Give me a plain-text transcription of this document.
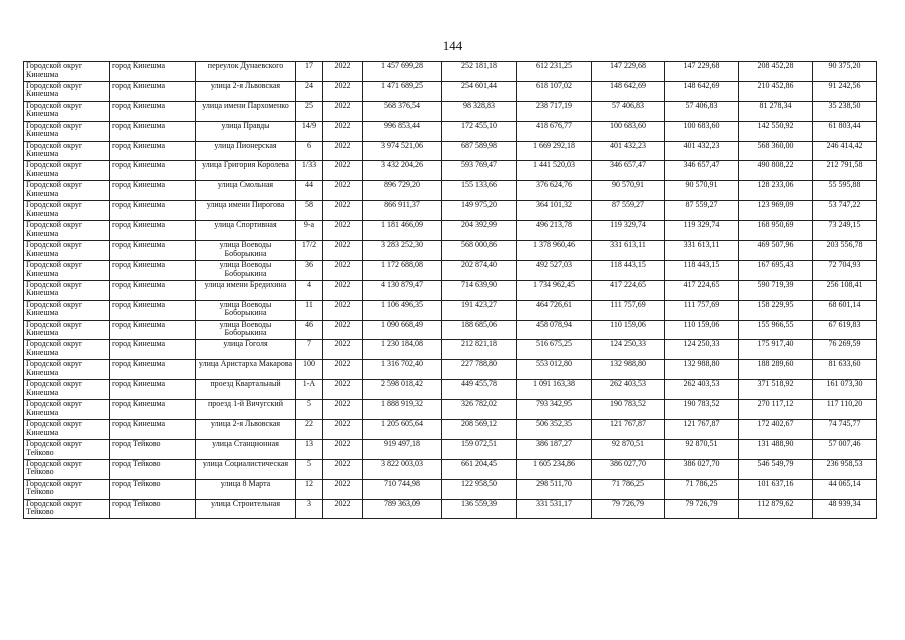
144
Городской округ Кинешма	город Кинешма	переулок Дунаевского	17	2022	1 457 699,28	252 181,18	612 231,25	147 229,68	147 229,68	208 452,28	90 375,20
Городской округ Кинешма	город Кинешма	улица 2-я Львовская	24	2022	1 471 689,25	254 601,44	618 107,02	148 642,69	148 642,69	210 452,86	91 242,56
Городской округ Кинешма	город Кинешма	улица имени Пархоменко	25	2022	568 376,54	98 328,83	238 717,19	57 406,83	57 406,83	81 278,34	35 238,50
Городской округ Кинешма	город Кинешма	улица Правды	14/9	2022	996 853,44	172 455,10	418 676,77	100 683,60	100 683,60	142 550,92	61 803,44
Городской округ Кинешма	город Кинешма	улица Пионерская	6	2022	3 974 521,06	687 589,98	1 669 292,18	401 432,23	401 432,23	568 360,00	246 414,42
Городской округ Кинешма	город Кинешма	улица Григория Королева	1/33	2022	3 432 204,26	593 769,47	1 441 520,03	346 657,47	346 657,47	490 808,22	212 791,58
Городской округ Кинешма	город Кинешма	улица Смольная	44	2022	896 729,20	155 133,66	376 624,76	90 570,91	90 570,91	128 233,06	55 595,88
Городской округ Кинешма	город Кинешма	улица имени Пирогова	58	2022	866 911,37	149 975,20	364 101,32	87 559,27	87 559,27	123 969,09	53 747,22
Городской округ Кинешма	город Кинешма	улица Спортивная	9-а	2022	1 181 466,09	204 392,99	496 213,78	119 329,74	119 329,74	168 950,69	73 249,15
Городской округ Кинешма	город Кинешма	улица Воеводы Боборыкина	17/2	2022	3 283 252,30	568 000,86	1 378 960,46	331 613,11	331 613,11	469 507,96	203 556,78
Городской округ Кинешма	город Кинешма	улица Воеводы Боборыкина	36	2022	1 172 688,08	202 874,40	492 527,03	118 443,15	118 443,15	167 695,43	72 704,93
Городской округ Кинешма	город Кинешма	улица имени Бредихина	4	2022	4 130 879,47	714 639,90	1 734 962,45	417 224,65	417 224,65	590 719,39	256 108,41
Городской округ Кинешма	город Кинешма	улица Воеводы Боборыкина	11	2022	1 106 496,35	191 423,27	464 726,61	111 757,69	111 757,69	158 229,95	68 601,14
Городской округ Кинешма	город Кинешма	улица Воеводы Боборыкина	46	2022	1 090 668,49	188 685,06	458 078,94	110 159,06	110 159,06	155 966,55	67 619,83
Городской округ Кинешма	город Кинешма	улица Гоголя	7	2022	1 230 184,08	212 821,18	516 675,25	124 250,33	124 250,33	175 917,40	76 269,59
Городской округ Кинешма	город Кинешма	улица Аристарха Макарова	100	2022	1 316 702,40	227 788,80	553 012,80	132 988,80	132 988,80	188 289,60	81 633,60
Городской округ Кинешма	город Кинешма	проезд Квартальный	1-А	2022	2 598 018,42	449 455,78	1 091 163,38	262 403,53	262 403,53	371 518,92	161 073,30
Городской округ Кинешма	город Кинешма	проезд 1-й Вичугский	5	2022	1 888 919,32	326 782,02	793 342,95	190 783,52	190 783,52	270 117,12	117 110,20
Городской округ Кинешма	город Кинешма	улица 2-я Львовская	22	2022	1 205 605,64	208 569,12	506 352,35	121 767,87	121 767,87	172 402,67	74 745,77
Городской округ Тейково	город Тейково	улица Станционная	13	2022	919 497,18	159 072,51	386 187,27	92 870,51	92 870,51	131 488,90	57 007,46
Городской округ Тейково	город Тейково	улица Социалистическая	5	2022	3 822 003,03	661 204,45	1 605 234,86	386 027,70	386 027,70	546 549,79	236 958,53
Городской округ Тейково	город Тейково	улица 8 Марта	12	2022	710 744,98	122 958,50	298 511,70	71 786,25	71 786,25	101 637,16	44 065,14
Городской округ Тейково	город Тейково	улица Строительная	3	2022	789 363,09	136 559,39	331 531,17	79 726,79	79 726,79	112 879,62	48 939,34
